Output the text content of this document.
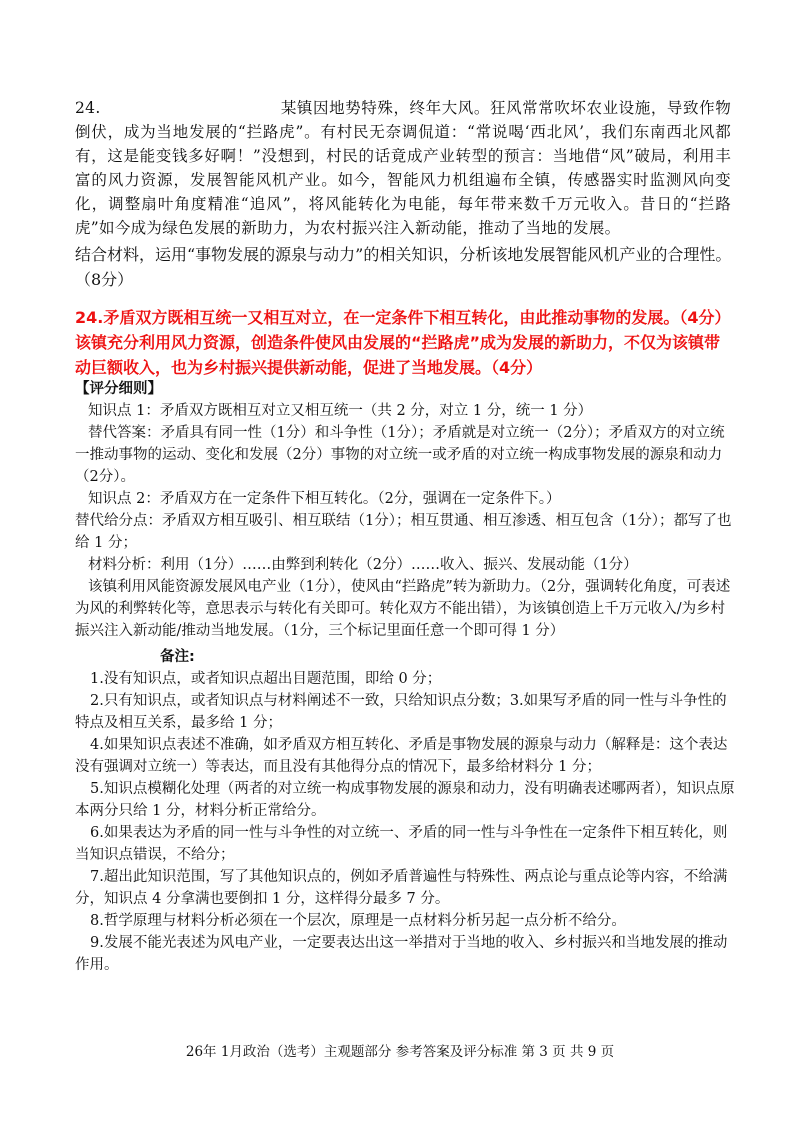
24.	某镇因地势特殊，终年大风。狂风常常吹坏农业设施，导致作物倒伏，成为当地发展的“拦路虎”。有村民无奈调侃道：“常说喝‘西北风’，我们东南西北风都有，这是能变钱多好啊！”没想到，村民的话竟成产业转型的预言：当地借“风”破局，利用丰富的风力资源，发展智能风机产业。如今，智能风力机组遍布全镇，传感器实时监测风向变化，调整扇叶角度精准“追风”，将风能转化为电能，每年带来数千万元收入。昔日的“拦路虎”如今成为绿色发展的新助力，为农村振兴注入新动能，推动了当地的发展。
结合材料，运用“事物发展的源泉与动力”的相关知识，分析该地发展智能风机产业的合理性。（8分）
24.矛盾双方既相互统一又相互对立，在一定条件下相互转化，由此推动事物的发展。（4分）
该镇充分利用风力资源，创造条件使风由发展的“拦路虎”成为发展的新助力，不仅为该镇带动巨额收入，也为乡村振兴提供新动能，促进了当地发展。（4分）

【评分细则】

知识点 1：矛盾双方既相互对立又相互统一（共 2 分，对立 1 分，统一 1 分）

替代答案：矛盾具有同一性（1分）和斗争性（1分）；矛盾就是对立统一（2分）；矛盾双方的对立统一推动事物的运动、变化和发展（2分）事物的对立统一或矛盾的对立统一构成事物发展的源泉和动力（2分）。

知识点 2：矛盾双方在一定条件下相互转化。（2分，强调在一定条件下。）

替代给分点：矛盾双方相互吸引、相互联结（1分）；相互贯通、相互渗透、相互包含（1分）；都写了也给 1 分；

材料分析：利用（1分）……由弊到利转化（2分）……收入、振兴、发展动能（1分）

该镇利用风能资源发展风电产业（1分），使风由“拦路虎”转为新助力。（2分，强调转化角度，可表述为风的利弊转化等，意思表示与转化有关即可。转化双方不能出错），为该镇创造上千万元收入/为乡村振兴注入新动能/推动当地发展。（1分，三个标记里面任意一个即可得 1 分）

备注:

1.没有知识点，或者知识点超出目题范围，即给 0 分；

2.只有知识点，或者知识点与材料阐述不一致，只给知识点分数；3.如果写矛盾的同一性与斗争性的特点及相互关系，最多给 1 分；

4.如果知识点表述不准确，如矛盾双方相互转化、矛盾是事物发展的源泉与动力（解释是：这个表达没有强调对立统一）等表达，而且没有其他得分点的情况下，最多给材料分 1 分；

5.知识点模糊化处理（两者的对立统一构成事物发展的源泉和动力，没有明确表述哪两者），知识点原本两分只给 1 分，材料分析正常给分。

6.如果表达为矛盾的同一性与斗争性的对立统一、矛盾的同一性与斗争性在一定条件下相互转化，则当知识点错误，不给分；

7.超出此知识范围，写了其他知识点的，例如矛盾普遍性与特殊性、两点论与重点论等内容，不给满分，知识点 4 分拿满也要倒扣 1 分，这样得分最多 7 分。

8.哲学原理与材料分析必须在一个层次，原理是一点材料分析另起一点分析不给分。

9.发展不能光表述为风电产业，一定要表达出这一举措对于当地的收入、乡村振兴和当地发展的推动作用。

26年 1月政治（选考）主观题部分 参考答案及评分标准 第 3 页 共 9 页
